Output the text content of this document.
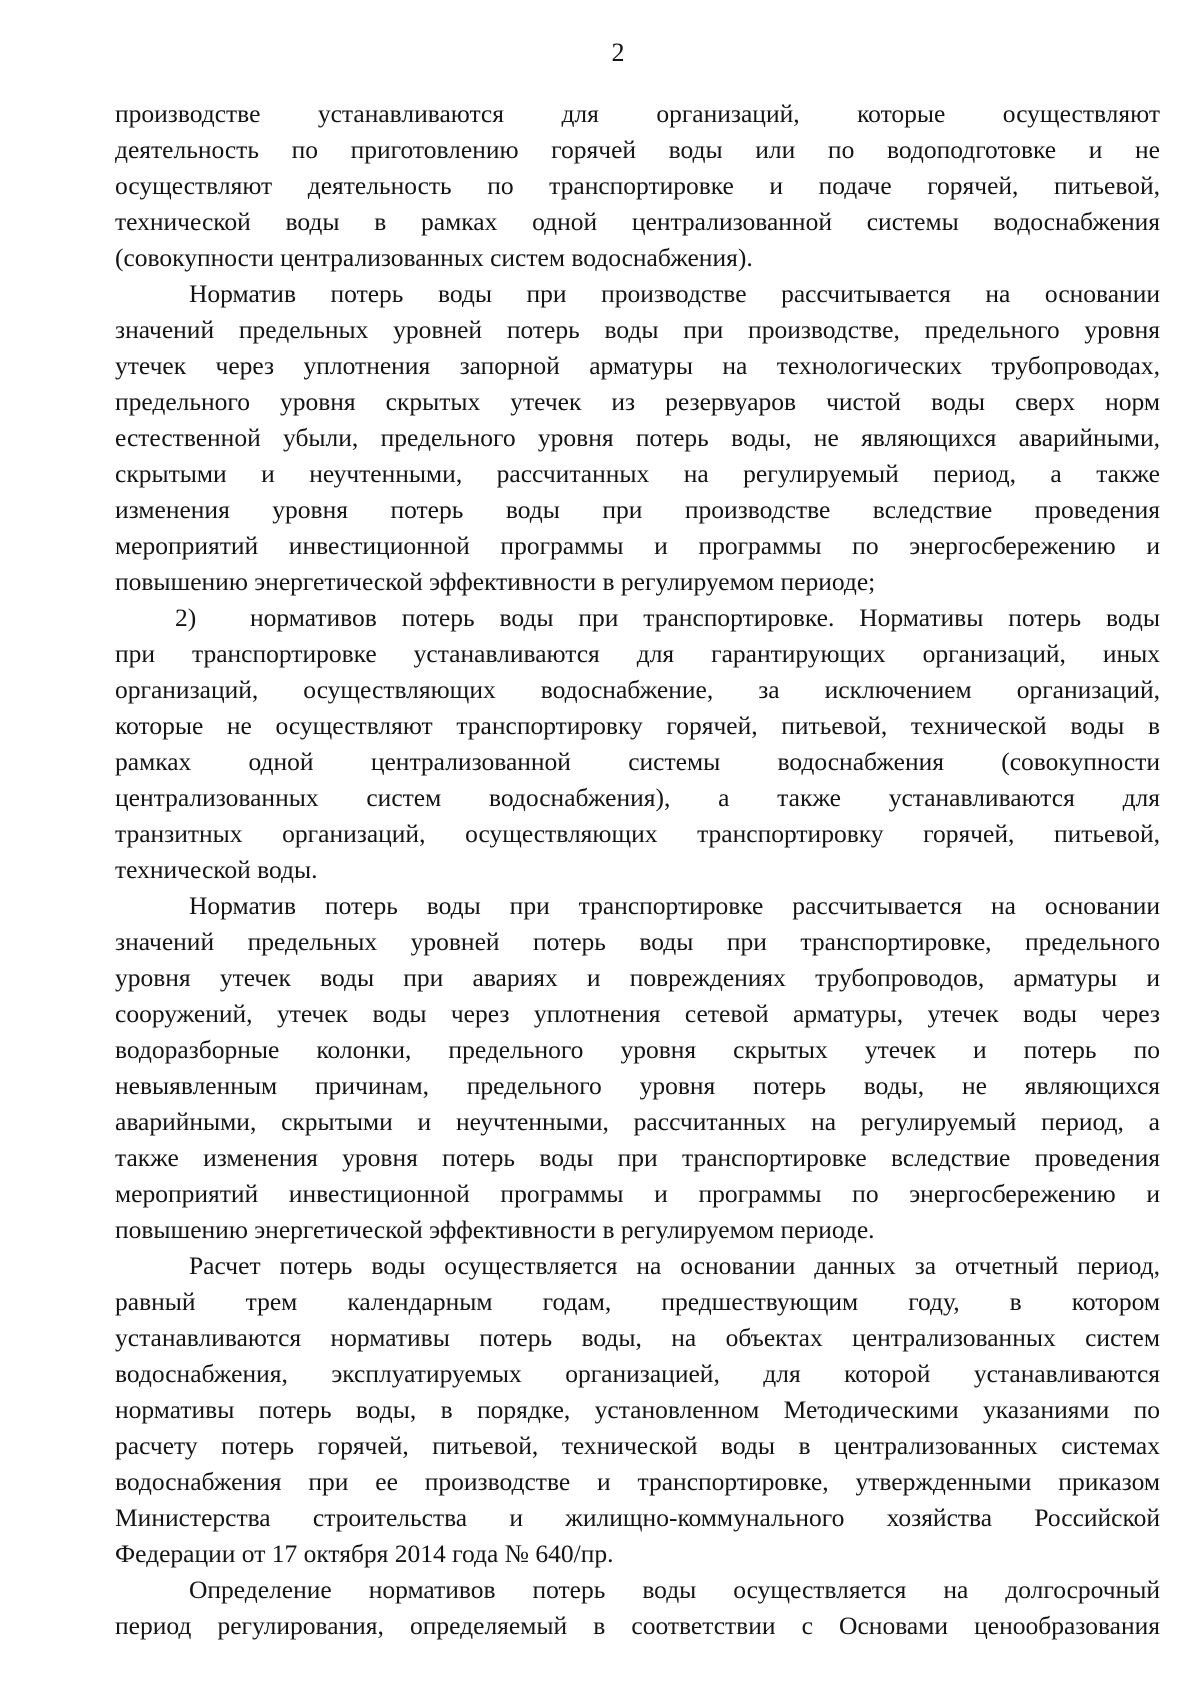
2
производстве устанавливаются для организаций, которые осуществляют
деятельность по приготовлению горячей воды или по водоподготовке и не
осуществляют деятельность по транспортировке и подаче горячей, питьевой,
технической воды в рамках одной централизованной системы водоснабжения
(совокупности централизованных систем водоснабжения).
Норматив потерь воды при производстве рассчитывается на основании
значений предельных уровней потерь воды при производстве, предельного уровня
утечек через уплотнения запорной арматуры на технологических трубопроводах,
предельного уровня скрытых утечек из резервуаров чистой воды сверх норм
естественной убыли, предельного уровня потерь воды, не являющихся аварийными,
скрытыми и неучтенными, рассчитанных на регулируемый период, а также
изменения уровня потерь воды при производстве вследствие проведения
мероприятий инвестиционной программы и программы по энергосбережению и
повышению энергетической эффективности в регулируемом периоде;
2) нормативов потерь воды при транспортировке. Нормативы потерь воды
при транспортировке устанавливаются для гарантирующих организаций, иных
организаций, осуществляющих водоснабжение, за исключением организаций,
которые не осуществляют транспортировку горячей, питьевой, технической воды в
рамках одной централизованной системы водоснабжения (совокупности
централизованных систем водоснабжения), а также устанавливаются для
транзитных организаций, осуществляющих транспортировку горячей, питьевой,
технической воды.
Норматив потерь воды при транспортировке рассчитывается на основании
значений предельных уровней потерь воды при транспортировке, предельного
уровня утечек воды при авариях и повреждениях трубопроводов, арматуры и
сооружений, утечек воды через уплотнения сетевой арматуры, утечек воды через
водоразборные колонки, предельного уровня скрытых утечек и потерь по
невыявленным причинам, предельного уровня потерь воды, не являющихся
аварийными, скрытыми и неучтенными, рассчитанных на регулируемый период, а
также изменения уровня потерь воды при транспортировке вследствие проведения
мероприятий инвестиционной программы и программы по энергосбережению и
повышению энергетической эффективности в регулируемом периоде.
Расчет потерь воды осуществляется на основании данных за отчетный период,
равный трем календарным годам, предшествующим году, в котором
устанавливаются нормативы потерь воды, на объектах централизованных систем
водоснабжения, эксплуатируемых организацией, для которой устанавливаются
нормативы потерь воды, в порядке, установленном Методическими указаниями по
расчету потерь горячей, питьевой, технической воды в централизованных системах
водоснабжения при ее производстве и транспортировке, утвержденными приказом
Министерства строительства и жилищно-коммунального хозяйства Российской
Федерации от 17 октября 2014 года № 640/пр.
Определение нормативов потерь воды осуществляется на долгосрочный
период регулирования, определяемый в соответствии с Основами ценообразования
